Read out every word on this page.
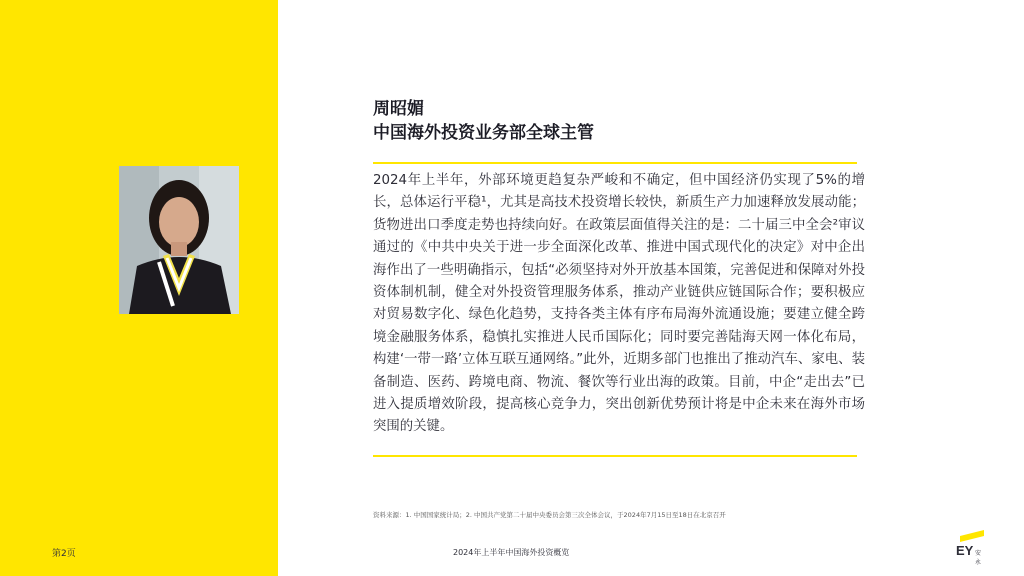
第2页
周昭媚
中国海外投资业务部全球主管
2024年上半年，外部环境更趋复杂严峻和不确定，但中国经济仍实现了5%的增长，总体运行平稳¹，尤其是高技术投资增长较快，新质生产力加速释放发展动能；货物进出口季度走势也持续向好。在政策层面值得关注的是：二十届三中全会²审议通过的《中共中央关于进一步全面深化改革、推进中国式现代化的决定》对中企出海作出了一些明确指示，包括“必须坚持对外开放基本国策，完善促进和保障对外投资体制机制，健全对外投资管理服务体系，推动产业链供应链国际合作；要积极应对贸易数字化、绿色化趋势，支持各类主体有序布局海外流通设施；要建立健全跨境金融服务体系，稳慎扎实推进人民币国际化；同时要完善陆海天网一体化布局，构建‘一带一路’立体互联互通网络。”此外，近期多部门也推出了推动汽车、家电、装备制造、医药、跨境电商、物流、餐饮等行业出海的政策。目前，中企“走出去”已进入提质增效阶段，提高核心竞争力，突出创新优势预计将是中企未来在海外市场突围的关键。
资料来源：1. 中国国家统计局；2. 中国共产党第二十届中央委员会第三次全体会议，于2024年7月15日至18日在北京召开
2024年上半年中国海外投资概览	EY 安永
